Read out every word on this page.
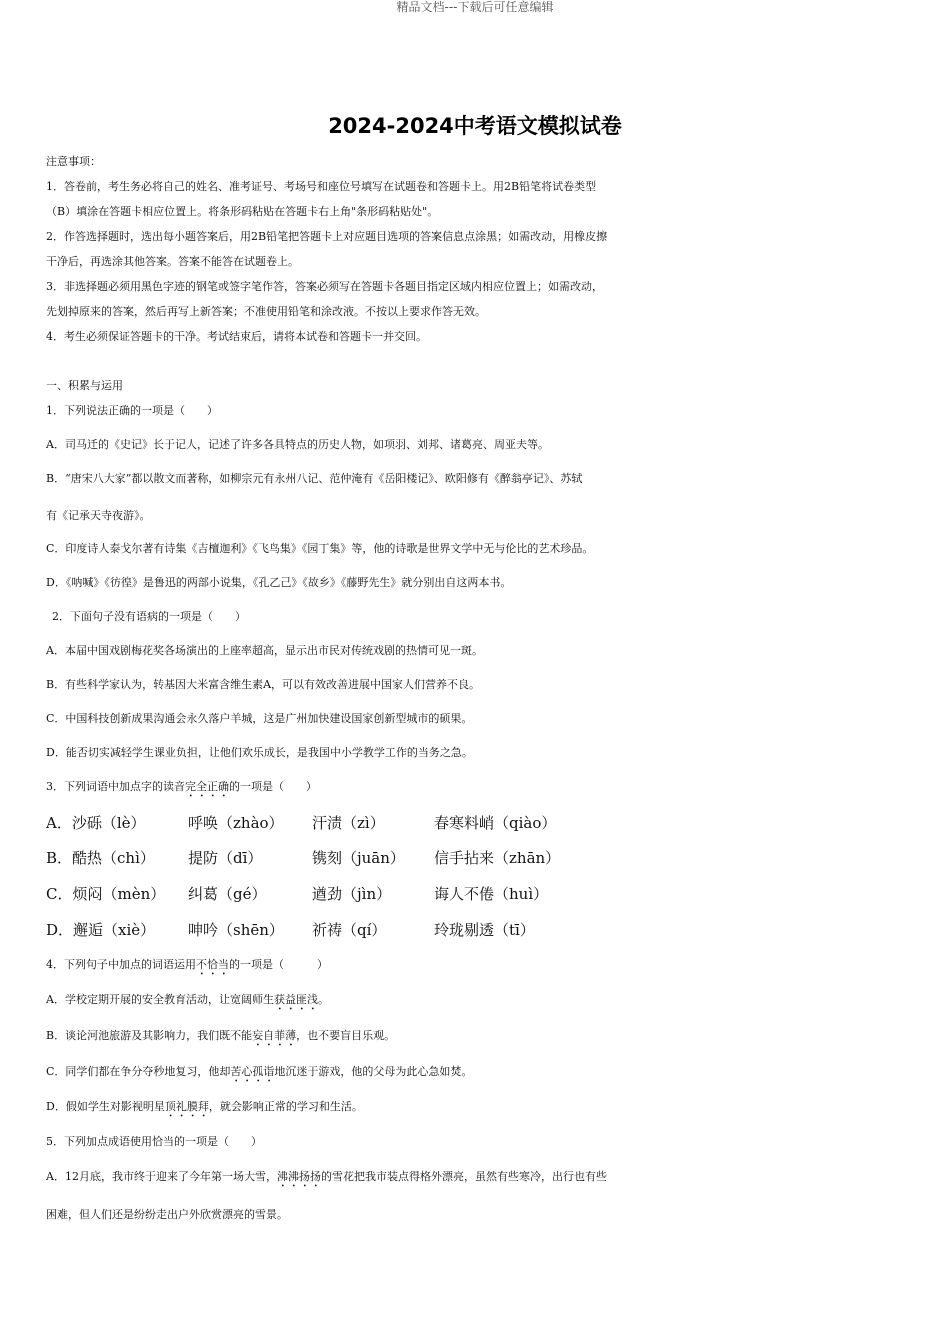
精品文档---下载后可任意编辑
2024-2024中考语文模拟试卷
注意事项：
1．答卷前，考生务必将自己的姓名、准考证号、考场号和座位号填写在试题卷和答题卡上。用2B铅笔将试卷类型
（B）填涂在答题卡相应位置上。将条形码粘贴在答题卡右上角"条形码粘贴处"。
2．作答选择题时，选出每小题答案后，用2B铅笔把答题卡上对应题目选项的答案信息点涂黑；如需改动，用橡皮擦
干净后，再选涂其他答案。答案不能答在试题卷上。
3．非选择题必须用黑色字迹的钢笔或签字笔作答，答案必须写在答题卡各题目指定区域内相应位置上；如需改动，
先划掉原来的答案，然后再写上新答案；不准使用铅笔和涂改液。不按以上要求作答无效。
4．考生必须保证答题卡的干净。考试结束后，请将本试卷和答题卡一并交回。
一、积累与运用
1．下列说法正确的一项是（　　）
A．司马迁的《史记》长于记人，记述了许多各具特点的历史人物，如项羽、刘邦、诸葛亮、周亚夫等。
B．“唐宋八大家”都以散文而著称，如柳宗元有永州八记、范仲淹有《岳阳楼记》、欧阳修有《醉翁亭记》、苏轼
有《记承天寺夜游》。
C．印度诗人泰戈尔著有诗集《吉檀迦利》《飞鸟集》《园丁集》等，他的诗歌是世界文学中无与伦比的艺术珍品。
D．《呐喊》《彷徨》是鲁迅的两部小说集，《孔乙己》《故乡》《藤野先生》就分别出自这两本书。
2．下面句子没有语病的一项是（　　）
A．本届中国戏剧梅花奖各场演出的上座率超高，显示出市民对传统戏剧的热情可见一斑。
B．有些科学家认为，转基因大米富含维生素A，可以有效改善进展中国家人们营养不良。
C．中国科技创新成果沟通会永久落户羊城，这是广州加快建设国家创新型城市的硕果。
D．能否切实减轻学生课业负担，让他们欢乐成长，是我国中小学教学工作的当务之急。
3．下列词语中加点字的读音完全正确的一项是（　　）
A．沙砾（lè）	呼唤（zhào） 汗渍（zì）	春寒料峭（qiào）
B．酷热（chì） 提防（dī）	镌刻（juān） 信手拈来（zhān）
C．烦闷（mèn） 纠葛（gé）	遒劲（jìn）	诲人不倦（huì）
D．邂逅（xiè） 呻吟（shēn） 祈祷（qí）	玲珑剔透（tī）
4．下列句子中加点的词语运用不恰当的一项是（　　　）
A．学校定期开展的安全教育活动，让宽阔师生获益匪浅。
B．谈论河池旅游及其影响力，我们既不能妄自菲薄，也不要盲目乐观。
C．同学们都在争分夺秒地复习，他却苦心孤诣地沉迷于游戏，他的父母为此心急如焚。
D．假如学生对影视明星顶礼膜拜，就会影响正常的学习和生活。
5．下列加点成语使用恰当的一项是（　　）
A．12月底，我市终于迎来了今年第一场大雪，沸沸扬扬的雪花把我市装点得格外漂亮，虽然有些寒冷，出行也有些
困难，但人们还是纷纷走出户外欣赏漂亮的雪景。
